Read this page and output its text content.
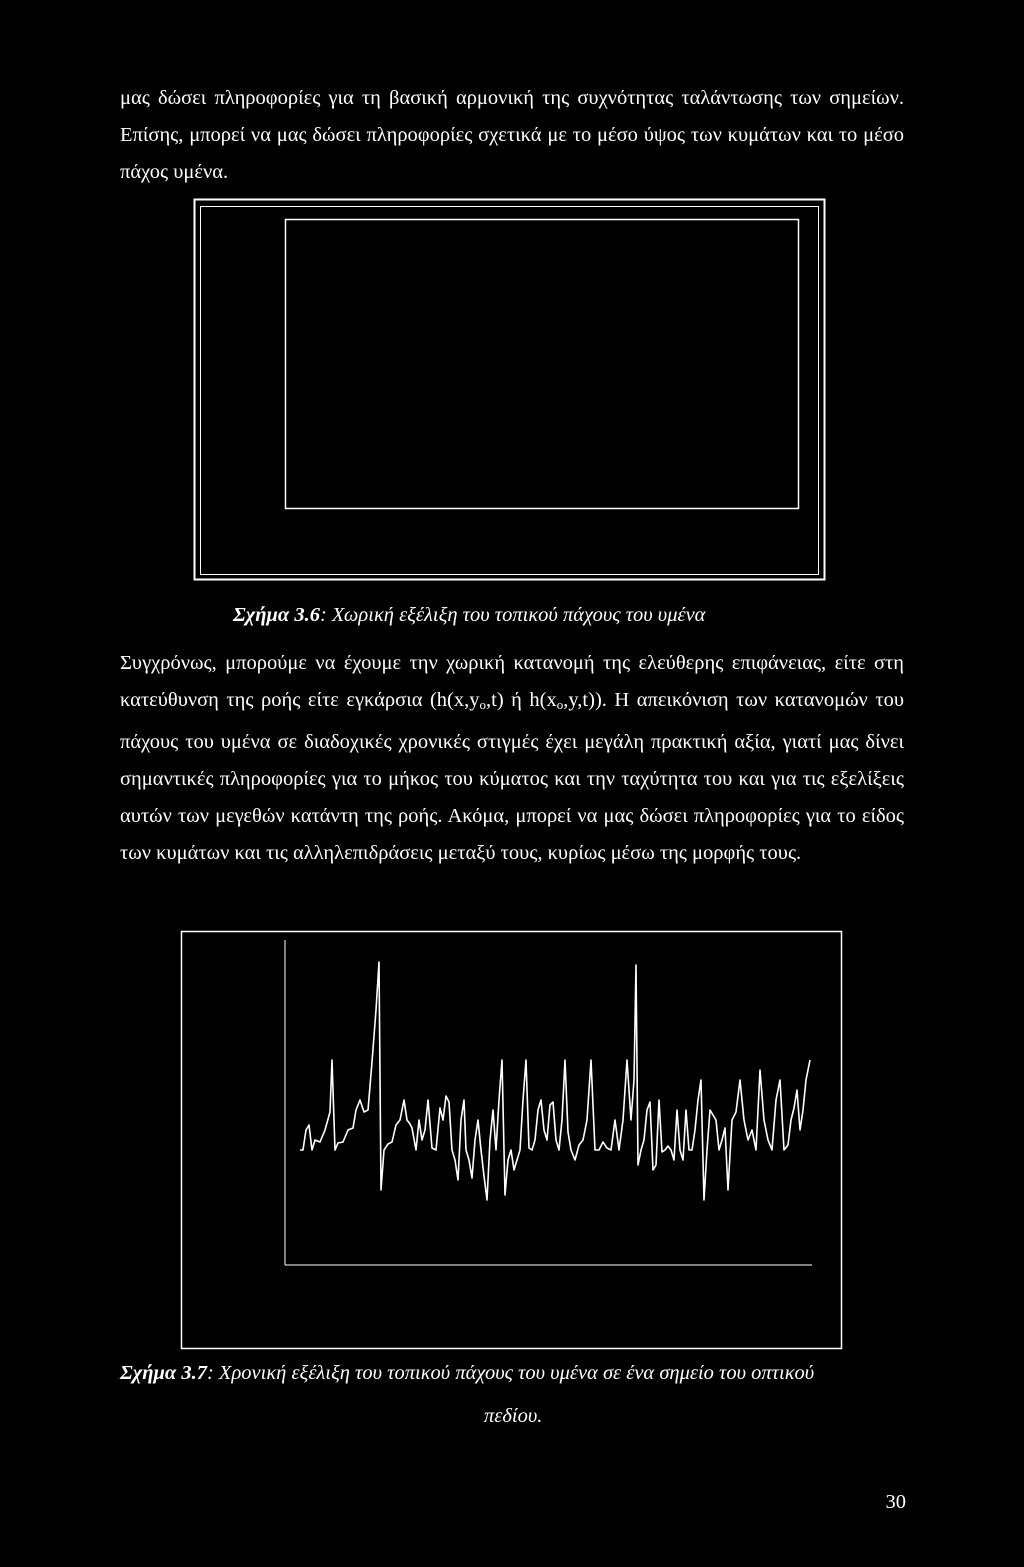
μας δώσει πληροφορίες για τη βασική αρμονική της συχνότητας ταλάντωσης των σημείων. Επίσης, μπορεί να μας δώσει πληροφορίες σχετικά με το μέσο ύψος των κυμάτων και το μέσο πάχος υμένα.

Σχήμα 3.6: Χωρική εξέλιξη του τοπικού πάχους του υμένα

Συγχρόνως, μπορούμε να έχουμε την χωρική κατανομή της ελεύθερης επιφάνειας, είτε στη κατεύθυνση της ροής είτε εγκάρσια ($h(x,y_o,t)$ ή $h(x_o,y,t)$). Η απεικόνιση των κατανομών του πάχους του υμένα σε διαδοχικές χρονικές στιγμές έχει μεγάλη πρακτική αξία, γιατί μας δίνει σημαντικές πληροφορίες για το μήκος του κύματος και την ταχύτητα του και για τις εξελίξεις αυτών των μεγεθών κατάντη της ροής. Ακόμα, μπορεί να μας δώσει πληροφορίες για το είδος των κυμάτων και τις αλληλεπιδράσεις μεταξύ τους, κυρίως μέσω της μορφής τους.

Σχήμα 3.7: Χρονική εξέλιξη του τοπικού πάχους του υμένα σε ένα σημείο του οπτικού
πεδίου.
30
